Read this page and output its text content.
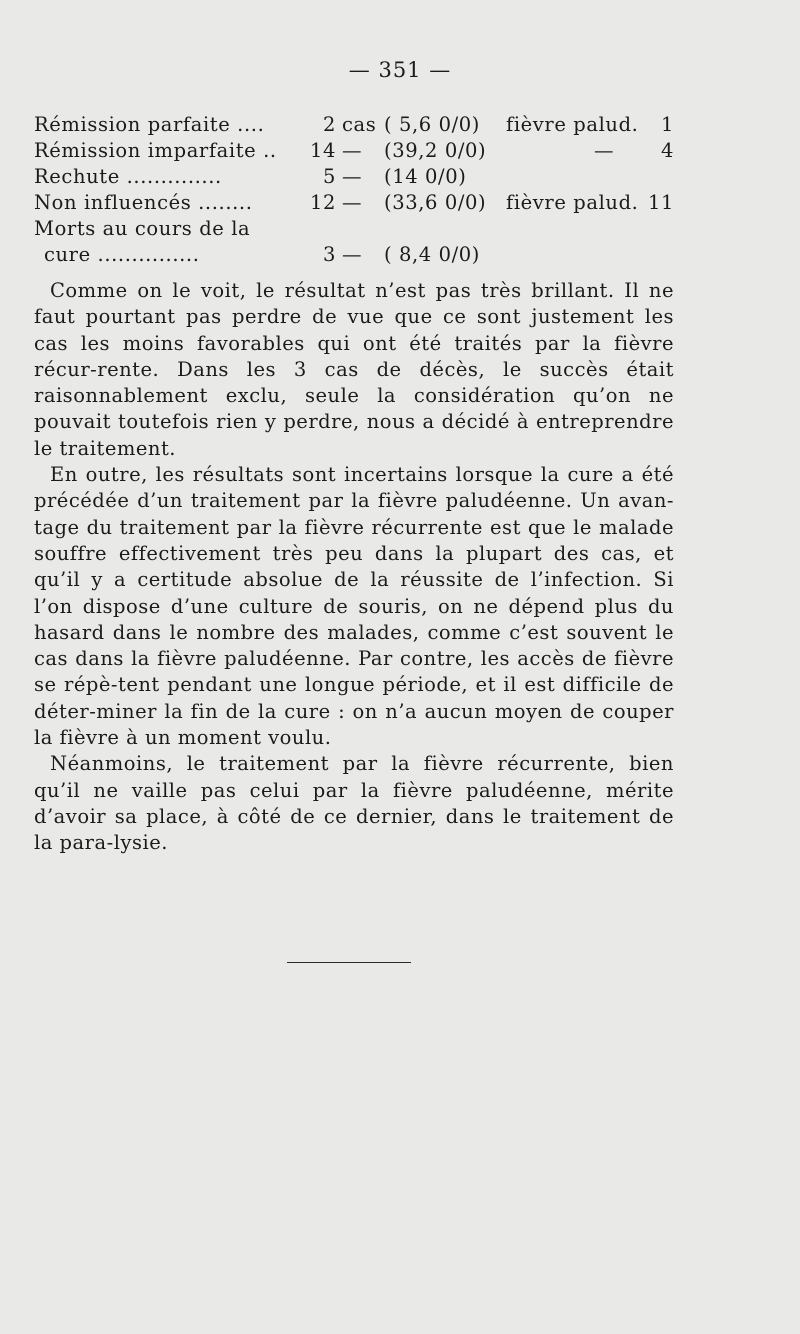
— 351 —
Rémission parfaite ....	2 cas ( 5,6 0/0) fièvre palud.	1
Rémission imparfaite .. 14 — (39,2 0/0)	—	4
Rechute ..............	5 — (14 0/0)
Non influencés ........	12 — (33,6 0/0) fièvre palud. 11
Morts au cours de la
cure ...............	3 — ( 8,4 0/0)

Comme on le voit, le résultat n’est pas très brillant. Il ne faut pourtant pas perdre de vue que ce sont justement les cas les moins favorables qui ont été traités par la fièvre récur-rente. Dans les 3 cas de décès, le succès était raisonnablement exclu, seule la considération qu’on ne pouvait toutefois rien y perdre, nous a décidé à entreprendre le traitement.

En outre, les résultats sont incertains lorsque la cure a été précédée d’un traitement par la fièvre paludéenne. Un avan-tage du traitement par la fièvre récurrente est que le malade souffre effectivement très peu dans la plupart des cas, et qu’il y a certitude absolue de la réussite de l’infection. Si l’on dispose d’une culture de souris, on ne dépend plus du hasard dans le nombre des malades, comme c’est souvent le cas dans la fièvre paludéenne. Par contre, les accès de fièvre se répè-tent pendant une longue période, et il est difficile de déter-miner la fin de la cure : on n’a aucun moyen de couper la fièvre à un moment voulu.

Néanmoins, le traitement par la fièvre récurrente, bien qu’il ne vaille pas celui par la fièvre paludéenne, mérite d’avoir sa place, à côté de ce dernier, dans le traitement de la para-lysie.
